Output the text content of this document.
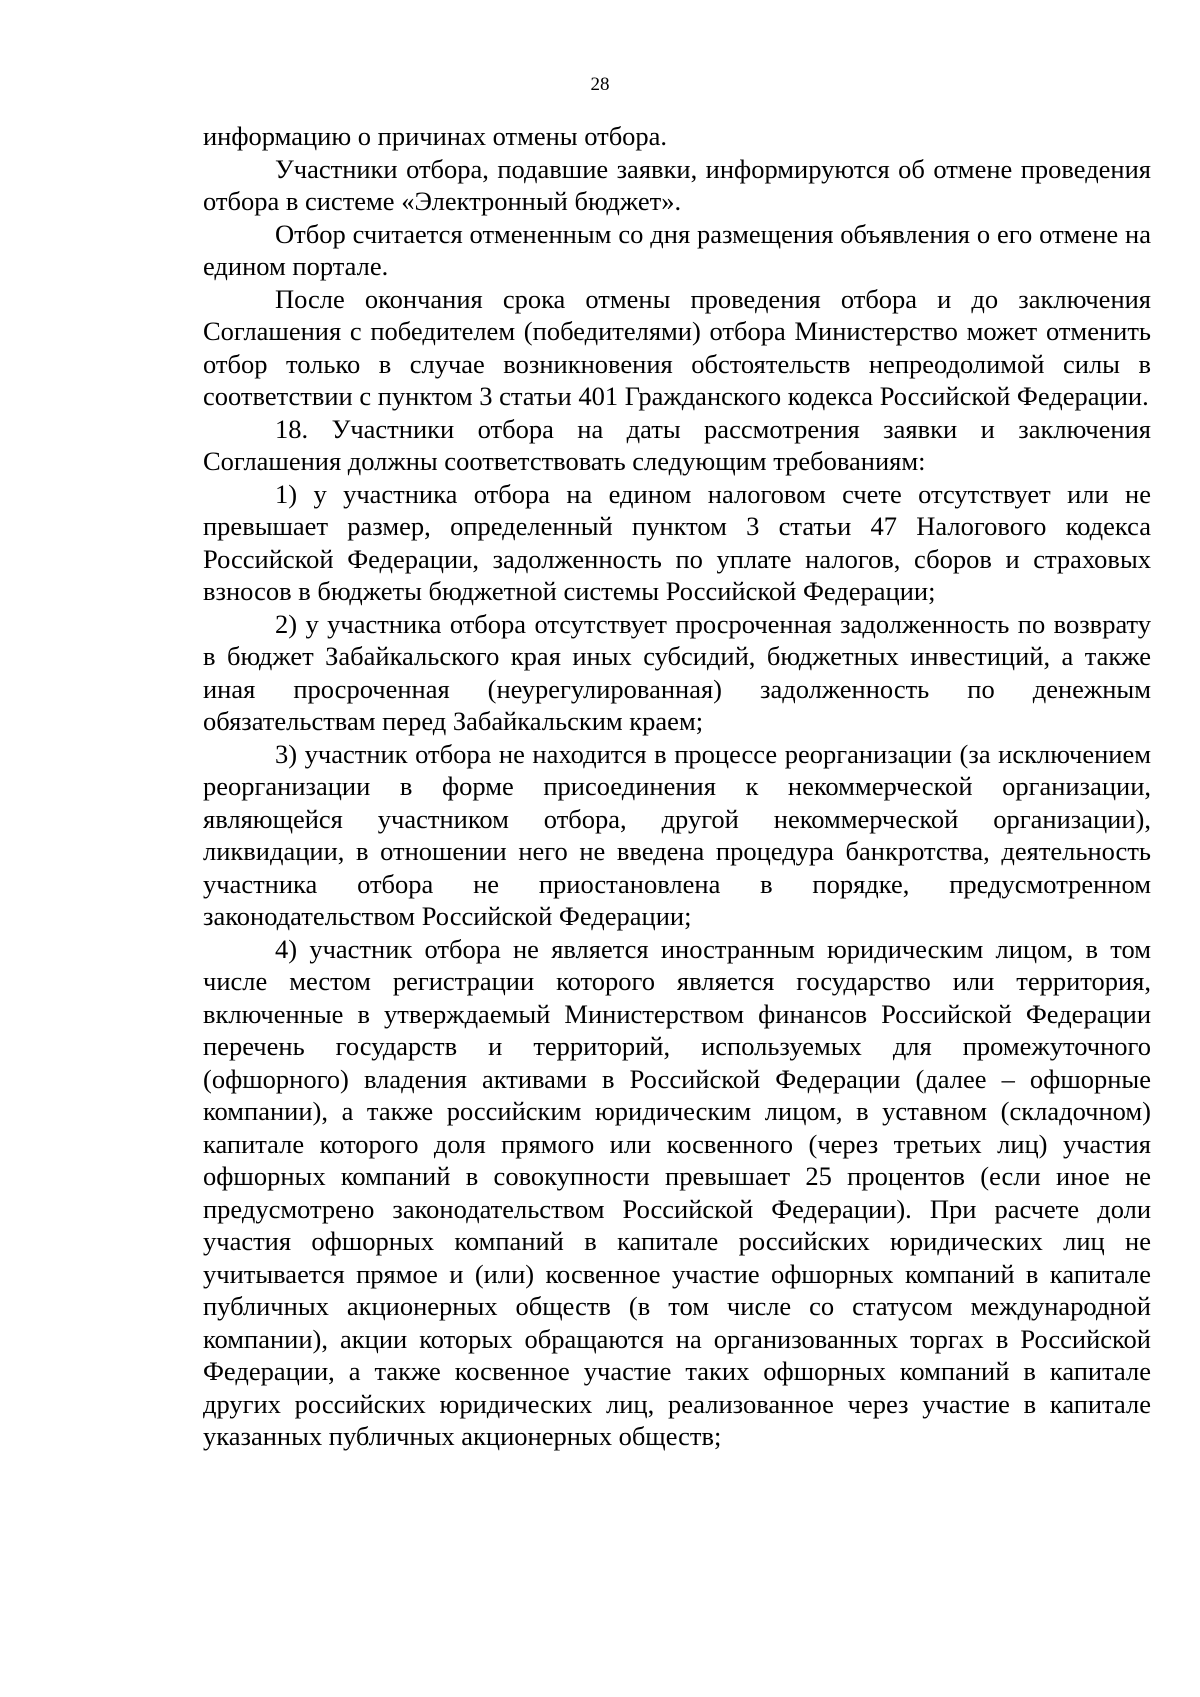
28

информацию о причинах отмены отбора.

Участники отбора, подавшие заявки, информируются об отмене проведения отбора в системе «Электронный бюджет».

Отбор считается отмененным со дня размещения объявления о его отмене на едином портале.

После окончания срока отмены проведения отбора и до заключения Соглашения с победителем (победителями) отбора Министерство может отменить отбор только в случае возникновения обстоятельств непреодолимой силы в соответствии с пунктом 3 статьи 401 Гражданского кодекса Российской Федерации.

18. Участники отбора на даты рассмотрения заявки и заключения Соглашения должны соответствовать следующим требованиям:

1) у участника отбора на едином налоговом счете отсутствует или не превышает размер, определенный пунктом 3 статьи 47 Налогового кодекса Российской Федерации, задолженность по уплате налогов, сборов и страховых взносов в бюджеты бюджетной системы Российской Федерации;

2) у участника отбора отсутствует просроченная задолженность по возврату в бюджет Забайкальского края иных субсидий, бюджетных инвестиций, а также иная просроченная (неурегулированная) задолженность по денежным обязательствам перед Забайкальским краем;

3) участник отбора не находится в процессе реорганизации (за исключением реорганизации в форме присоединения к некоммерческой организации, являющейся участником отбора, другой некоммерческой организации), ликвидации, в отношении него не введена процедура банкротства, деятельность участника отбора не приостановлена в порядке, предусмотренном законодательством Российской Федерации;

4) участник отбора не является иностранным юридическим лицом, в том числе местом регистрации которого является государство или территория, включенные в утверждаемый Министерством финансов Российской Федерации перечень государств и территорий, используемых для промежуточного (офшорного) владения активами в Российской Федерации (далее – офшорные компании), а также российским юридическим лицом, в уставном (складочном) капитале которого доля прямого или косвенного (через третьих лиц) участия офшорных компаний в совокупности превышает 25 процентов (если иное не предусмотрено законодательством Российской Федерации). При расчете доли участия офшорных компаний в капитале российских юридических лиц не учитывается прямое и (или) косвенное участие офшорных компаний в капитале публичных акционерных обществ (в том числе со статусом международной компании), акции которых обращаются на организованных торгах в Российской Федерации, а также косвенное участие таких офшорных компаний в капитале других российских юридических лиц, реализованное через участие в капитале указанных публичных акционерных обществ;
